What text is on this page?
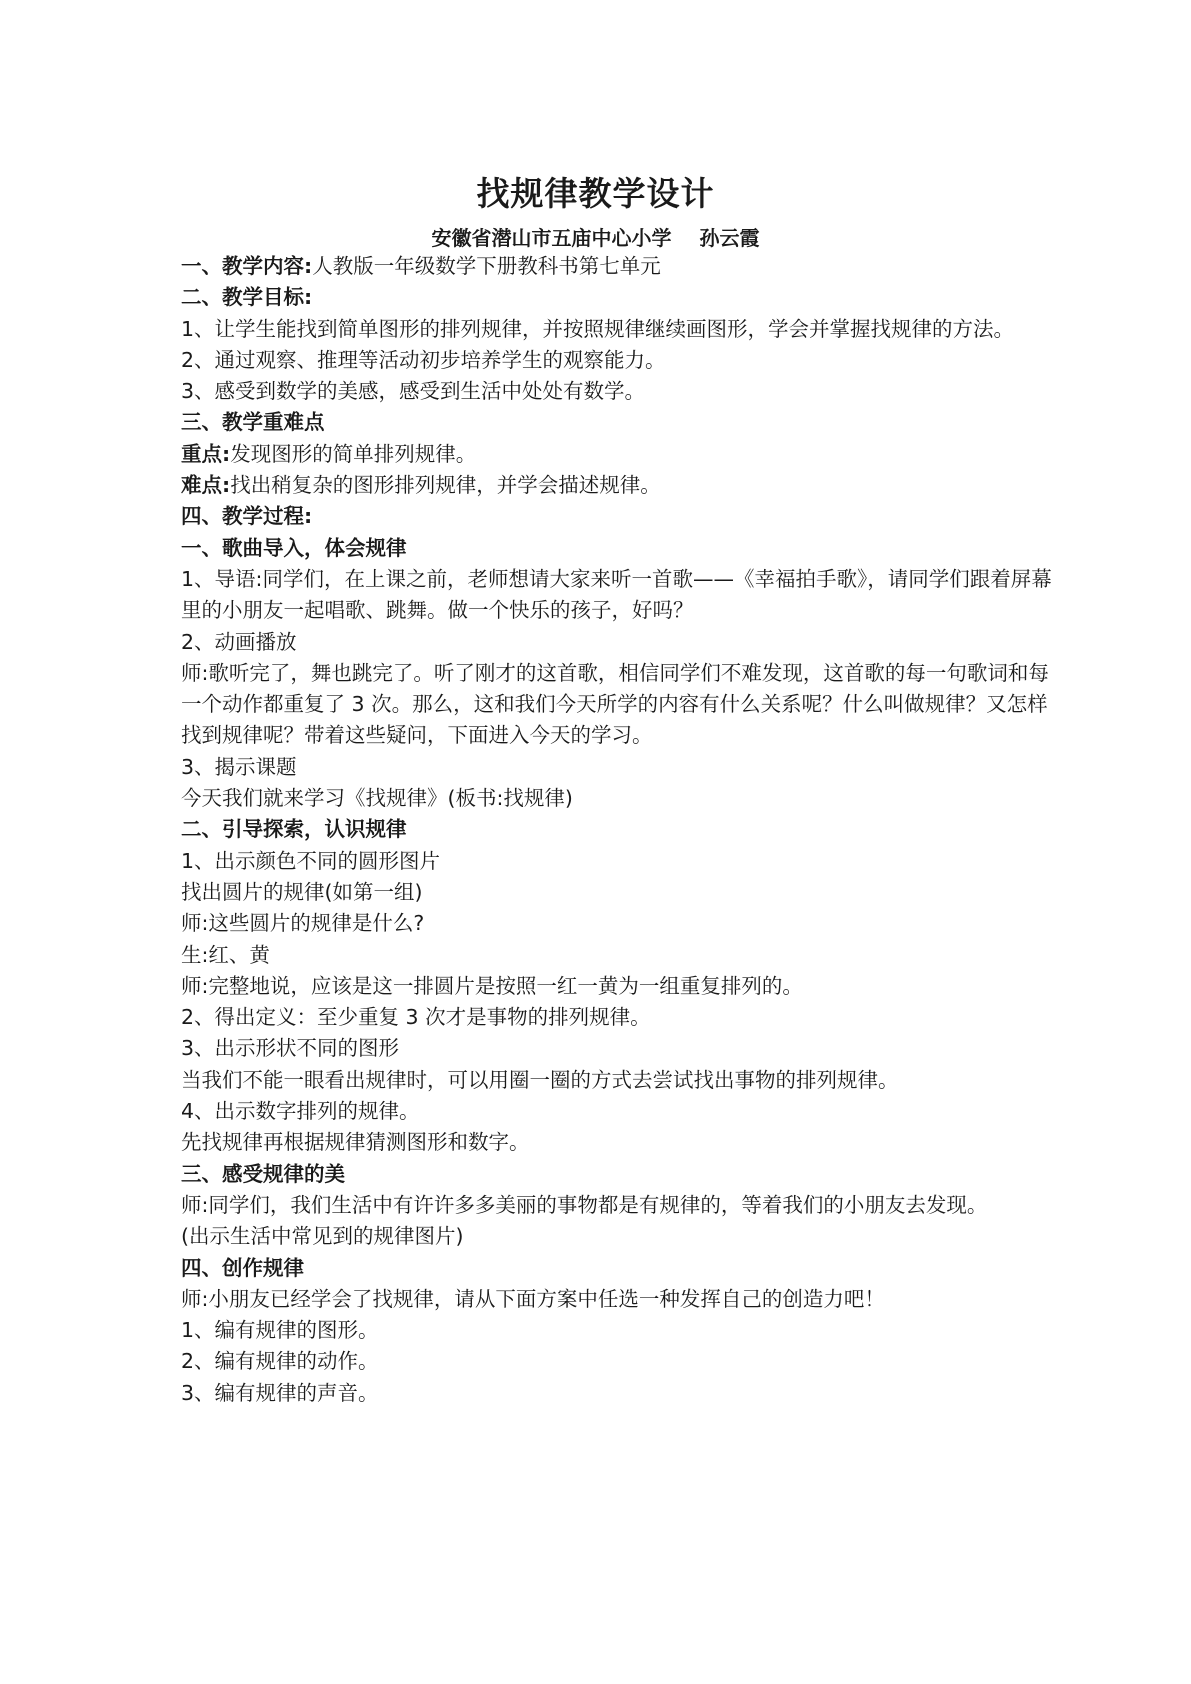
找规律教学设计
安徽省潜山市五庙中心小学 孙云霞

一、教学内容:人教版一年级数学下册教科书第七单元

二、教学目标:

1、让学生能找到简单图形的排列规律，并按照规律继续画图形，学会并掌握找规律的方法。

2、通过观察、推理等活动初步培养学生的观察能力。

3、感受到数学的美感，感受到生活中处处有数学。

三、教学重难点

重点:发现图形的简单排列规律。

难点:找出稍复杂的图形排列规律，并学会描述规律。

四、教学过程:

一、歌曲导入，体会规律

1、导语:同学们，在上课之前，老师想请大家来听一首歌——《幸福拍手歌》，请同学们跟着屏幕里的小朋友一起唱歌、跳舞。做一个快乐的孩子，好吗？

2、动画播放

师:歌听完了，舞也跳完了。听了刚才的这首歌，相信同学们不难发现，这首歌的每一句歌词和每一个动作都重复了 3 次。那么，这和我们今天所学的内容有什么关系呢？什么叫做规律？又怎样找到规律呢？带着这些疑问，下面进入今天的学习。

3、揭示课题

今天我们就来学习《找规律》(板书:找规律)

二、引导探索，认识规律

1、出示颜色不同的圆形图片

找出圆片的规律(如第一组)

师:这些圆片的规律是什么?

生:红、黄

师:完整地说，应该是这一排圆片是按照一红一黄为一组重复排列的。

2、得出定义：至少重复 3 次才是事物的排列规律。

3、出示形状不同的图形

当我们不能一眼看出规律时，可以用圈一圈的方式去尝试找出事物的排列规律。

4、出示数字排列的规律。

先找规律再根据规律猜测图形和数字。

三、感受规律的美

师:同学们，我们生活中有许许多多美丽的事物都是有规律的，等着我们的小朋友去发现。

(出示生活中常见到的规律图片)

四、创作规律

师:小朋友已经学会了找规律，请从下面方案中任选一种发挥自己的创造力吧！

1、编有规律的图形。

2、编有规律的动作。

3、编有规律的声音。
